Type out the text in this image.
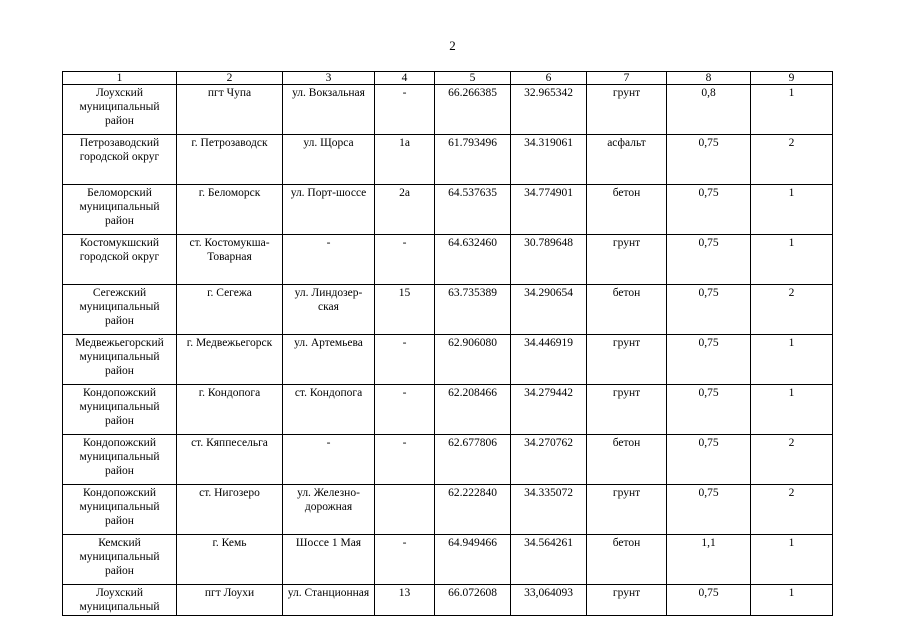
2
1	2	3	4	5	6	7	8	9
Лоухский муниципальный район	пгт Чупа	ул. Вокзальная	-	66.266385	32.965342	грунт	0,8	1
Петрозаводский городской округ	г. Петрозаводск	ул. Щорса	1а	61.793496	34.319061	асфальт	0,75	2
Беломорский муниципальный район	г. Беломорск	ул. Порт-шоссе	2а	64.537635	34.774901	бетон	0,75	1
Костомукшский городской округ	ст. Костомукша-Товарная	-	-	64.632460	30.789648	грунт	0,75	1
Сегежский муниципальный район	г. Сегежа	ул. Линдозер-ская	15	63.735389	34.290654	бетон	0,75	2
Медвежьегорский муниципальный район	г. Медвежьегорск	ул. Артемьева	-	62.906080	34.446919	грунт	0,75	1
Кондопожский муниципальный район	г. Кондопога	ст. Кондопога	-	62.208466	34.279442	грунт	0,75	1
Кондопожский муниципальный район	ст. Кяппесельга	-	-	62.677806	34.270762	бетон	0,75	2
Кондопожский муниципальный район	ст. Нигозеро	ул. Железно-дорожная		62.222840	34.335072	грунт	0,75	2
Кемский муниципальный район	г. Кемь	Шоссе 1 Мая	-	64.949466	34.564261	бетон	1,1	1
Лоухский муниципальный	пгт Лоухи	ул. Станционная	13	66.072608	33,064093	грунт	0,75	1
